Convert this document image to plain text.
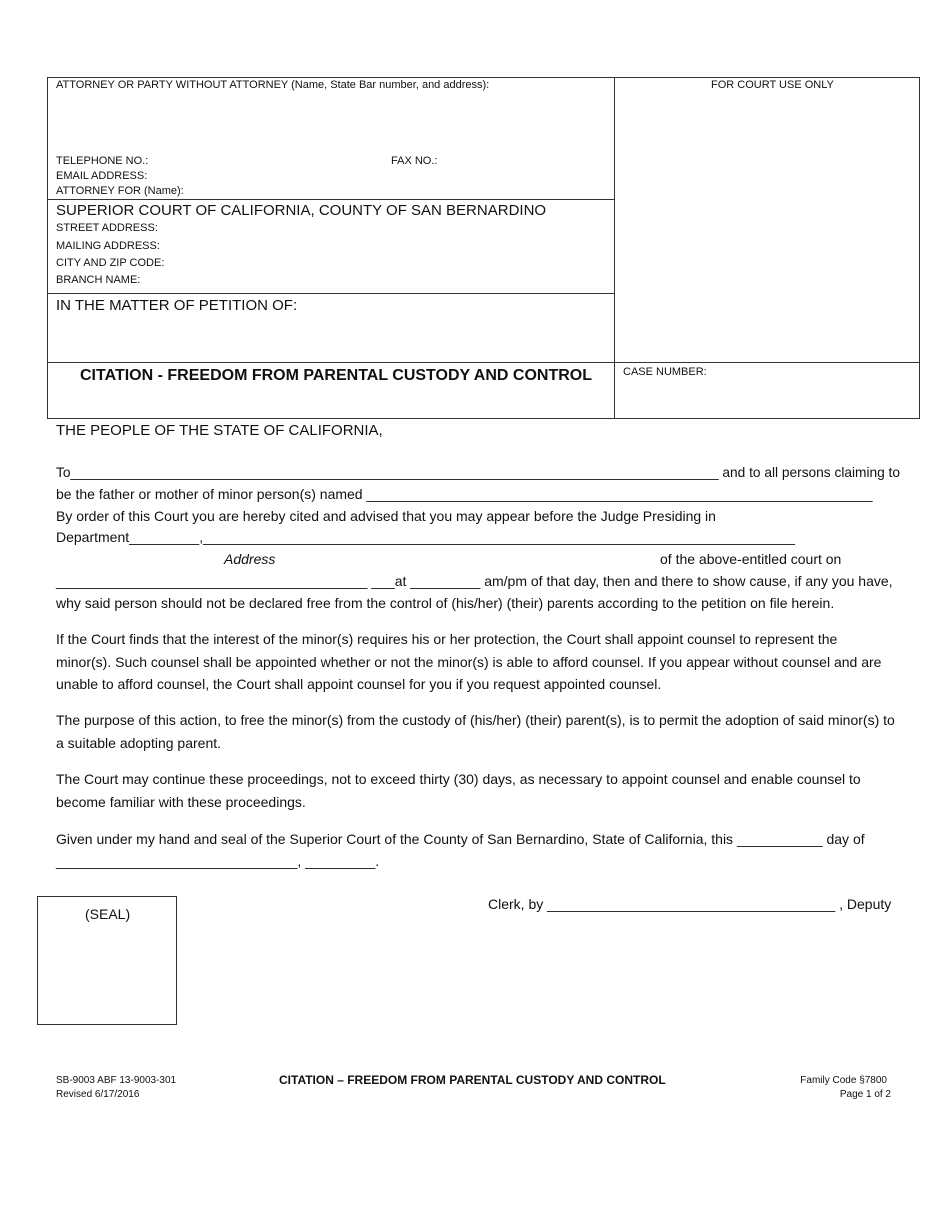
ATTORNEY OR PARTY WITHOUT ATTORNEY (Name, State Bar number, and address):	FOR COURT USE ONLY
TELEPHONE NO.:	FAX NO.:
EMAIL ADDRESS:
ATTORNEY FOR (Name):
SUPERIOR COURT OF CALIFORNIA, COUNTY OF SAN BERNARDINO
STREET ADDRESS:
MAILING ADDRESS:
CITY AND ZIP CODE:
BRANCH NAME:
IN THE MATTER OF PETITION OF:
CITATION - FREEDOM FROM PARENTAL CUSTODY AND CONTROL	CASE NUMBER:
THE PEOPLE OF THE STATE OF CALIFORNIA,
To_____________________________________________________________________________________ and to all persons claiming to
be the father or mother of minor person(s) named _________________________________________________________________
By order of this Court you are hereby cited and advised that you may appear before the Judge Presiding in
Department_________,____________________________________________________________________________
Address	of the above-entitled court on
________________________________________ ___at _________ am/pm of that day, then and there to show cause, if any you have,
why said person should not be declared free from the control of (his/her) (their) parents according to the petition on file herein.
If the Court finds that the interest of the minor(s) requires his or her protection, the Court shall appoint counsel to represent the minor(s). Such counsel shall be appointed whether or not the minor(s) is able to afford counsel. If you appear without counsel and are unable to afford counsel, the Court shall appoint counsel for you if you request appointed counsel.
The purpose of this action, to free the minor(s) from the custody of (his/her) (their) parent(s), is to permit the adoption of said minor(s) to a suitable adopting parent.
The Court may continue these proceedings, not to exceed thirty (30) days, as necessary to appoint counsel and enable counsel to become familiar with these proceedings.
Given under my hand and seal of the Superior Court of the County of San Bernardino, State of California, this ___________ day of
_______________________________, _________.
(SEAL)
Clerk, by _____________________________________ , Deputy
SB-9003 ABF 13-9003-301
Revised 6/17/2016
CITATION – FREEDOM FROM PARENTAL CUSTODY AND CONTROL	Family Code §7800
Page 1 of 2
